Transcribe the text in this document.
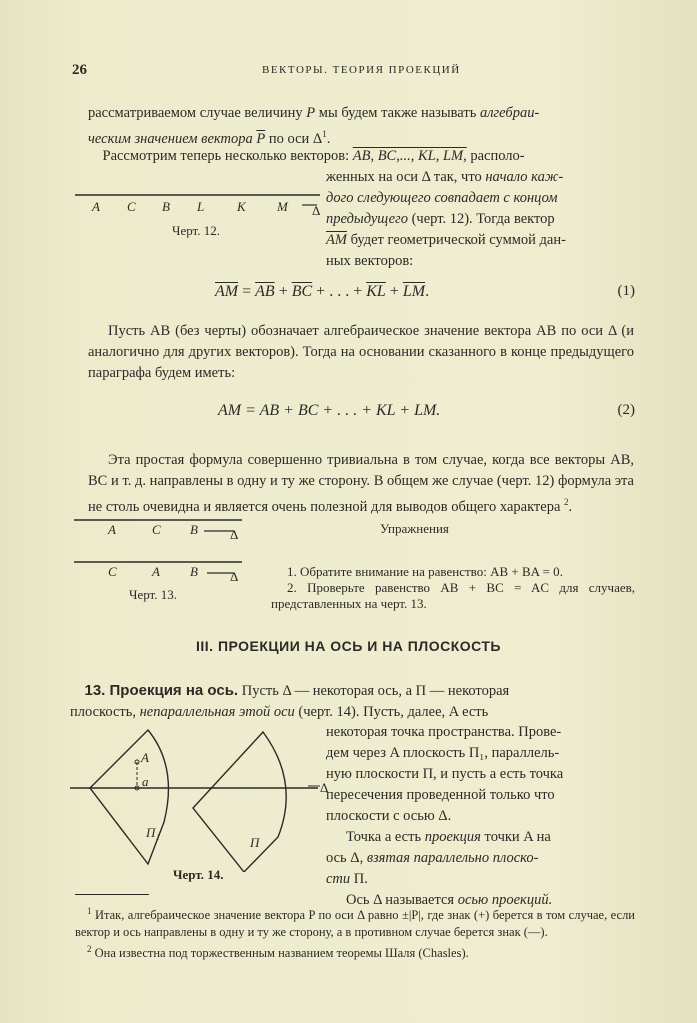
26	ВЕКТОРЫ. ТЕОРИЯ ПРОЕКЦИЙ

рассматриваемом случае величину P мы будем также называть алгебраи-

ческим значением вектора $\overline{P}$ по оси $\Delta^1$.

Рассмотрим теперь несколько векторов: AB, BC,..., KL, LM, располо-

женных на оси Δ так, что начало каж-

дого следующего совпадает с концом

предыдущего (черт. 12). Тогда вектор

$\overline{AM}$ будет геометрической суммой дан-

ных векторов:

A C B L	K M Δ
Черт. 12.
$\overline{AM} = \overline{AB} + \overline{BC}$ + . . . + $\overline{KL} + \overline{LM}$.	(1)

Пусть AB (без черты) обозначает алгебраическое значение вектора AB по оси Δ (и аналогично для других векторов). Тогда на основании сказанного в конце предыдущего параграфа будем иметь:

AM = AB + BC + . . . + KL + LM.	(2)

Эта простая формула совершенно тривиальна в том случае, когда все векторы AB, BC и т. д. направлены в одну и ту же сторону. В общем же случае (черт. 12) формула эта не столь очевидна и является очень полезной для выводов общего характера $^2$.

A	C B Δ
C	A B Δ
Черт. 13.
Упражнения

1. Обратите внимание на равенство: AB + BA = 0.

2. Проверьте равенство AB + BC = AC для случаев, представленных на черт. 13.

III. ПРОЕКЦИИ НА ОСЬ И НА ПЛОСКОСТЬ

13. Проекция на ось. Пусть Δ — некоторая ось, а Π — некоторая

плоскость, непараллельная этой оси (черт. 14). Пусть, далее, A есть

некоторая точка пространства. Прове-

дем через A плоскость Π₁, параллель-

ную плоскости Π, и пусть a есть точка

пересечения проведенной только что

плоскости с осью Δ.

Точка a есть проекция точки A на

ось Δ, взятая параллельно плоско-

сти Π.

Ось Δ называется осью проекций.

A
a
Π₁
Π
Δ
Черт. 14.

$^1$ Итак, алгебраическое значение вектора P по оси Δ равно ±|P|, где знак (+) берется в том случае, если вектор и ось направлены в одну и ту же сторону, а в противном случае берется знак (—).

$^2$ Она известна под торжественным названием теоремы Шаля (Chasles).
